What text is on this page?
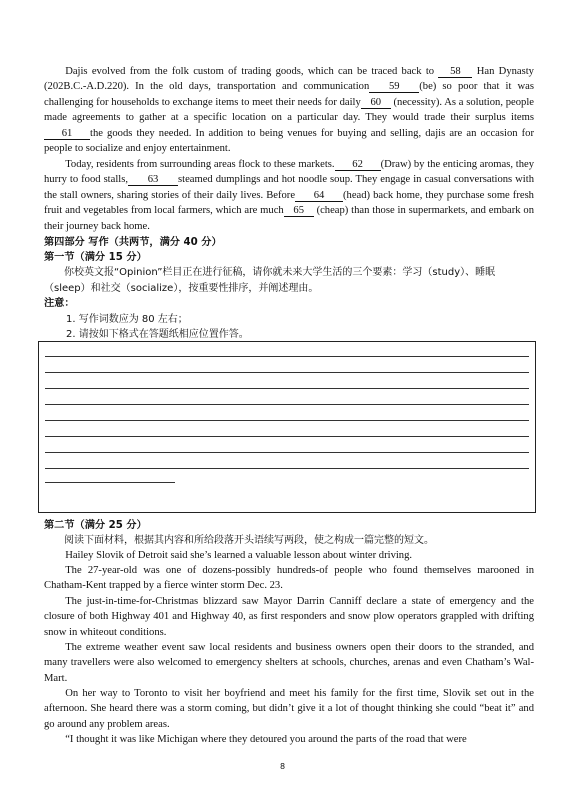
Dajis evolved from the folk custom of trading goods, which can be traced back to 58 Han Dynasty (202B.C.-A.D.220). In the old days, transportation and communication 59 (be) so poor that it was challenging for households to exchange items to meet their needs for daily 60 (necessity). As a solution, people made agreements to gather at a specific location on a particular day. They would trade their surplus items61 the goods they needed. In addition to being venues for buying and selling, dajis are an occasion for people to socialize and enjoy entertainment.

Today, residents from surrounding areas flock to these markets. 62 (Draw) by the enticing aromas, they hurry to food stalls, 63 steamed dumplings and hot noodle soup. They engage in casual conversations with the stall owners, sharing stories of their daily lives. Before 64 (head) back home, they purchase some fresh fruit and vegetables from local farmers, which are much 65 (cheap) than those in supermarkets, and embark on their journey back home.

第四部分 写作（共两节，满分 40 分）

第一节（满分 15 分）

你校英文报“Opinion”栏目正在进行征稿，请你就未来大学生活的三个要素：学习（study）、睡眠（sleep）和社交（socialize），按重要性排序，并阐述理由。

注意：

1. 写作词数应为 80 左右；

2. 请按如下格式在答题纸相应位置作答。

第二节（满分 25 分）

阅读下面材料，根据其内容和所给段落开头语续写两段，使之构成一篇完整的短文。

Hailey Slovik of Detroit said she’s learned a valuable lesson about winter driving.

The 27-year-old was one of dozens-possibly hundreds-of people who found themselves marooned in Chatham-Kent trapped by a fierce winter storm Dec. 23.

The just-in-time-for-Christmas blizzard saw Mayor Darrin Canniff declare a state of emergency and the closure of both Highway 401 and Highway 40, as first responders and snow plow operators grappled with drifting snow in whiteout conditions.

The extreme weather event saw local residents and business owners open their doors to the stranded, and many travellers were also welcomed to emergency shelters at schools, churches, arenas and even Chatham’s Wal-Mart.

On her way to Toronto to visit her boyfriend and meet his family for the first time, Slovik set out in the afternoon. She heard there was a storm coming, but didn’t give it a lot of thought thinking she could “beat it” and go around any problem areas.

“I thought it was like Michigan where they detoured you around the parts of the road that were

8
